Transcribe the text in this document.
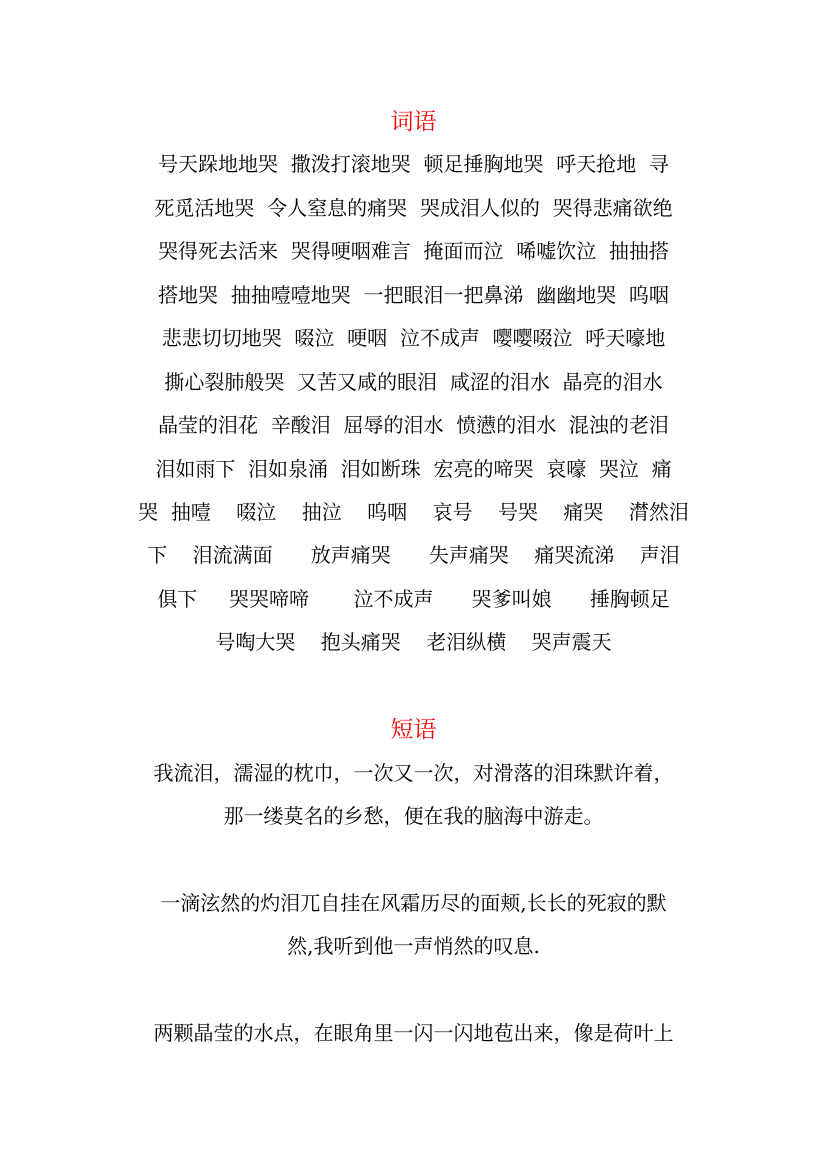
词语
号天跺地地哭  撒泼打滚地哭  顿足捶胸地哭  呼天抢地  寻
死觅活地哭  令人窒息的痛哭  哭成泪人似的  哭得悲痛欲绝
哭得死去活来  哭得哽咽难言  掩面而泣  唏嘘饮泣  抽抽搭
搭地哭  抽抽噎噎地哭  一把眼泪一把鼻涕  幽幽地哭  呜咽
悲悲切切地哭  啜泣  哽咽  泣不成声  嘤嘤啜泣  呼天嚎地
撕心裂肺般哭  又苦又咸的眼泪  咸涩的泪水  晶亮的泪水
晶莹的泪花  辛酸泪  屈辱的泪水  愤懑的泪水  混浊的老泪
泪如雨下  泪如泉涌  泪如断珠  宏亮的啼哭  哀嚎  哭泣  痛
哭  抽噎    啜泣    抽泣    呜咽    哀号    号哭    痛哭    潸然泪
下    泪流满面      放声痛哭      失声痛哭    痛哭流涕    声泪
俱下     哭哭啼啼       泣不成声      哭爹叫娘      捶胸顿足
号啕大哭    抱头痛哭    老泪纵横    哭声震天
短语
我流泪，濡湿的枕巾，一次又一次，对滑落的泪珠默许着，
那一缕莫名的乡愁，便在我的脑海中游走。
一滴泫然的灼泪兀自挂在风霜历尽的面颊,长长的死寂的默
然,我听到他一声悄然的叹息.
两颗晶莹的水点，在眼角里一闪一闪地苞出来，像是荷叶上
